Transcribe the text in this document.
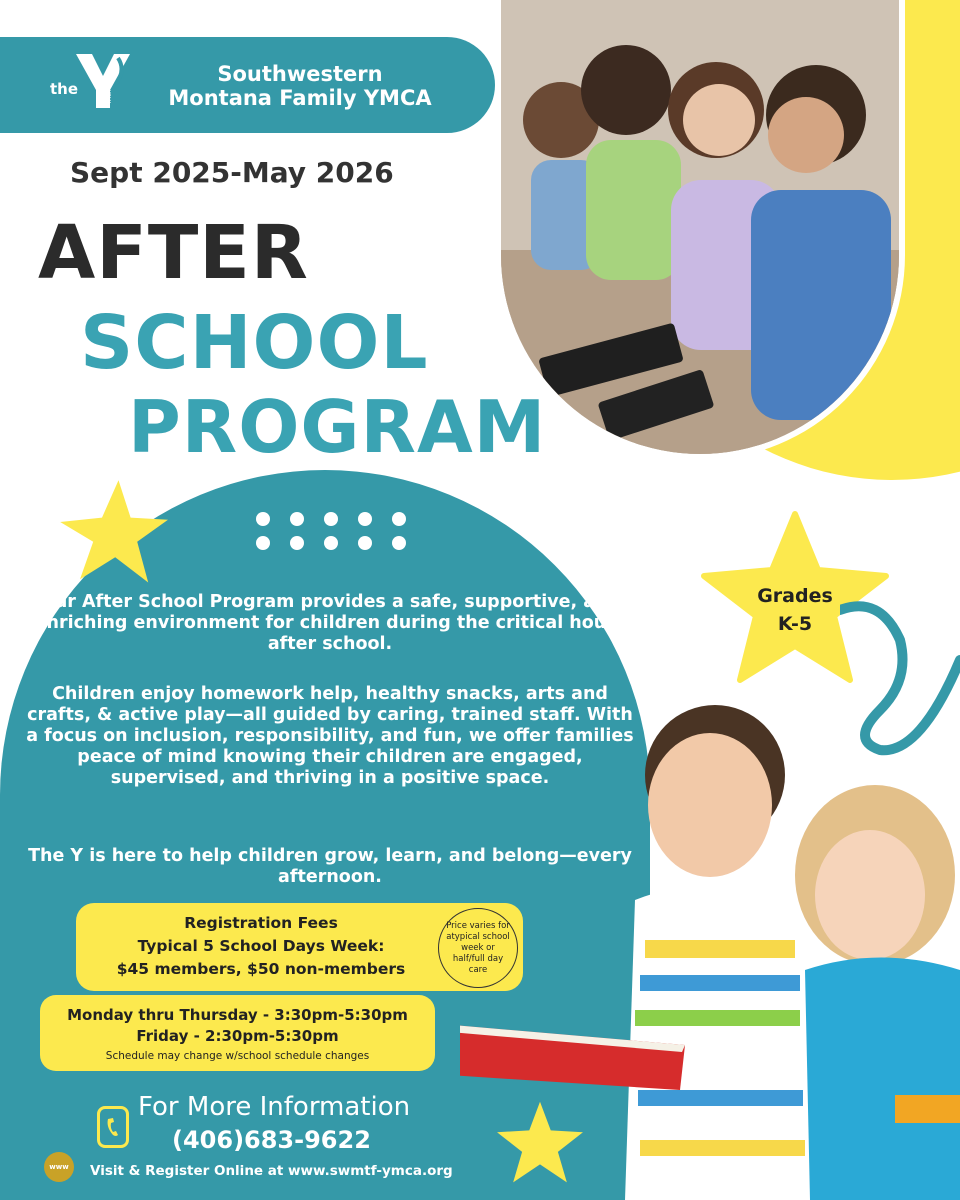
the	YMCA
Southwestern
Montana Family YMCA
Sept 2025-May 2026
AFTER
SCHOOL
PROGRAM
Our After School Program provides a safe, supportive, and enriching environment for children during the critical hours after school.
Children enjoy homework help, healthy snacks, arts and crafts, & active play—all guided by caring, trained staff. With a focus on inclusion, responsibility, and fun, we offer families peace of mind knowing their children are engaged, supervised, and thriving in a positive space.
The Y is here to help children grow, learn, and belong—every afternoon.
Registration Fees
Typical 5 School Days Week:
$45 members, $50 non-members
Price varies for atypical school week or half/full day care
Monday thru Thursday - 3:30pm-5:30pm
Friday - 2:30pm-5:30pm
Schedule may change w/school schedule changes
For More Information
(406)683-9622
www	Visit & Register Online at www.swmtf-ymca.org
Grades
K-5
